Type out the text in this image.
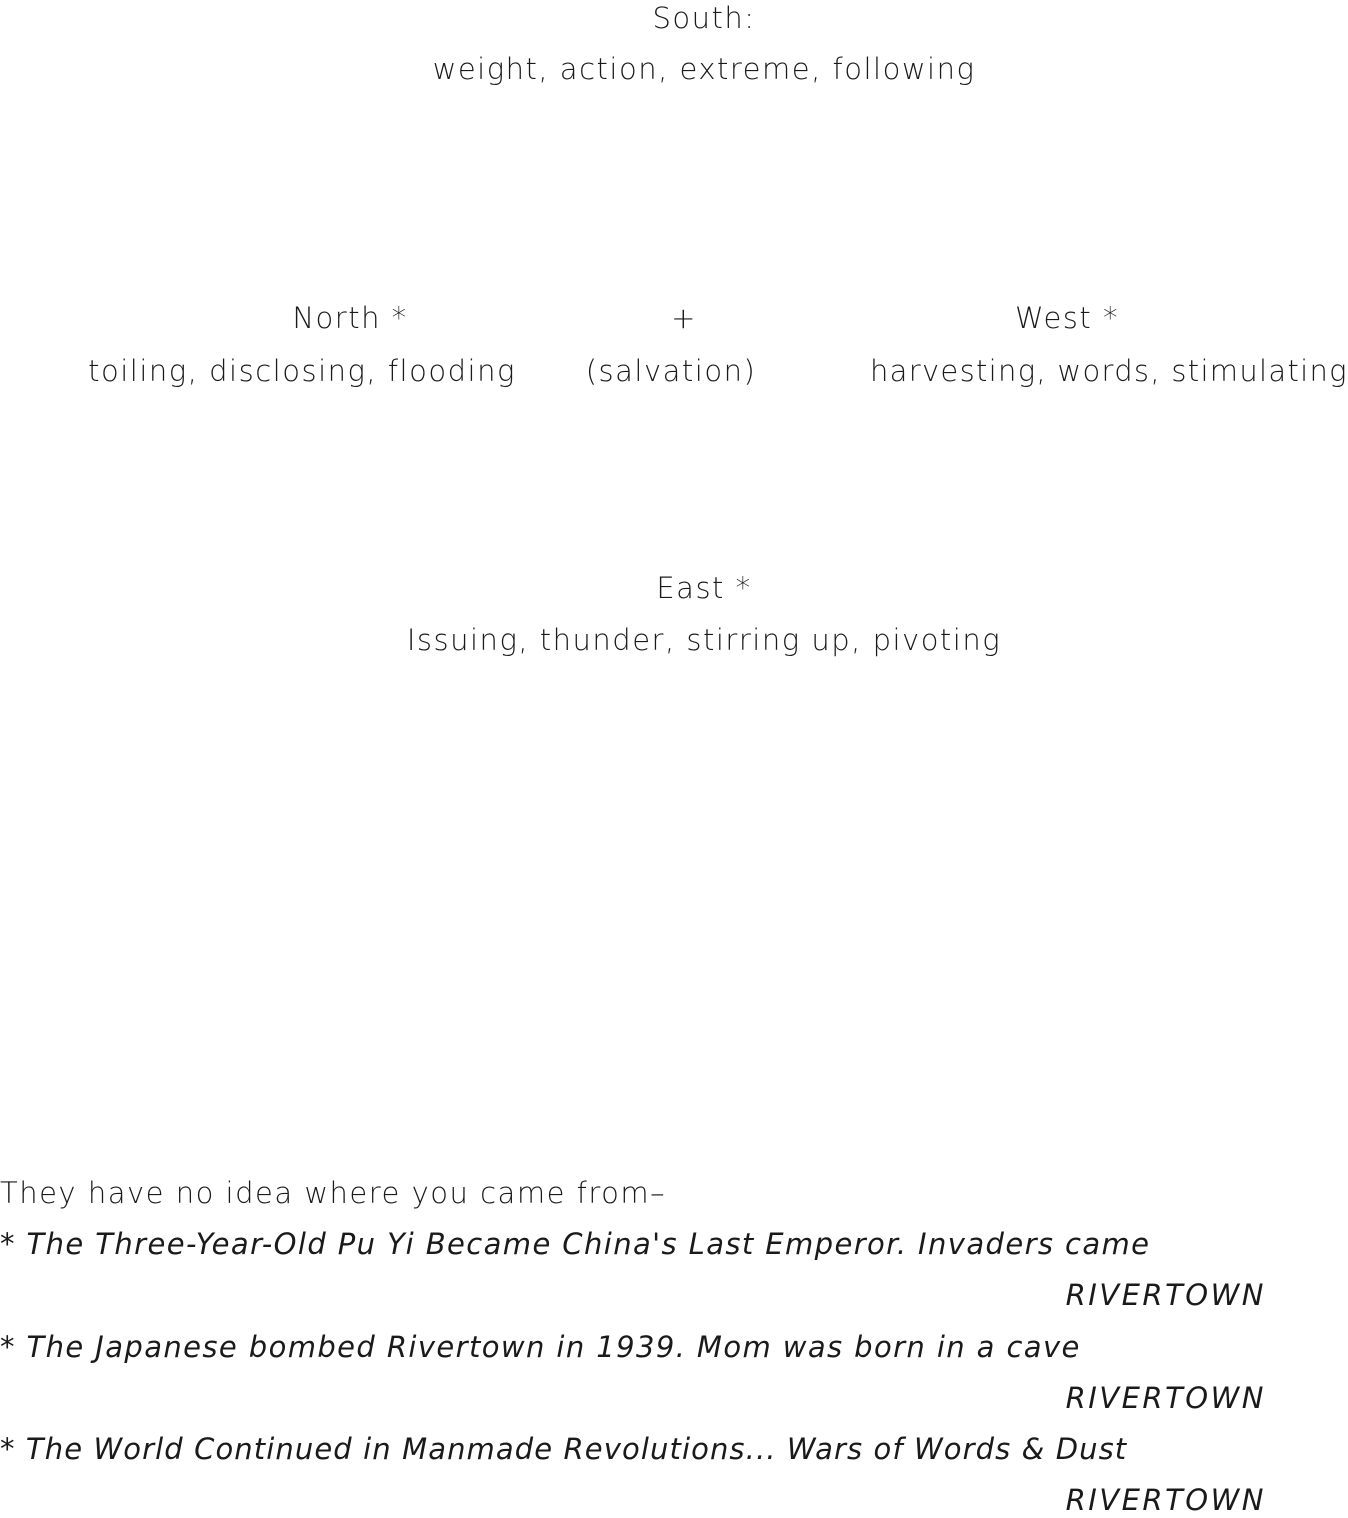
South:

weight, action, extreme, following

North *

toiling, disclosing, flooding

+

(salvation)

West *

harvesting, words, stimulating

East *

Issuing, thunder, stirring up, pivoting

They have no idea where you came from–

* The Three-Year-Old Pu Yi Became China's Last Emperor. Invaders came

RIVERTOWN

* The Japanese bombed Rivertown in 1939. Mom was born in a cave

RIVERTOWN

* The World Continued in Manmade Revolutions... Wars of Words & Dust

RIVERTOWN
